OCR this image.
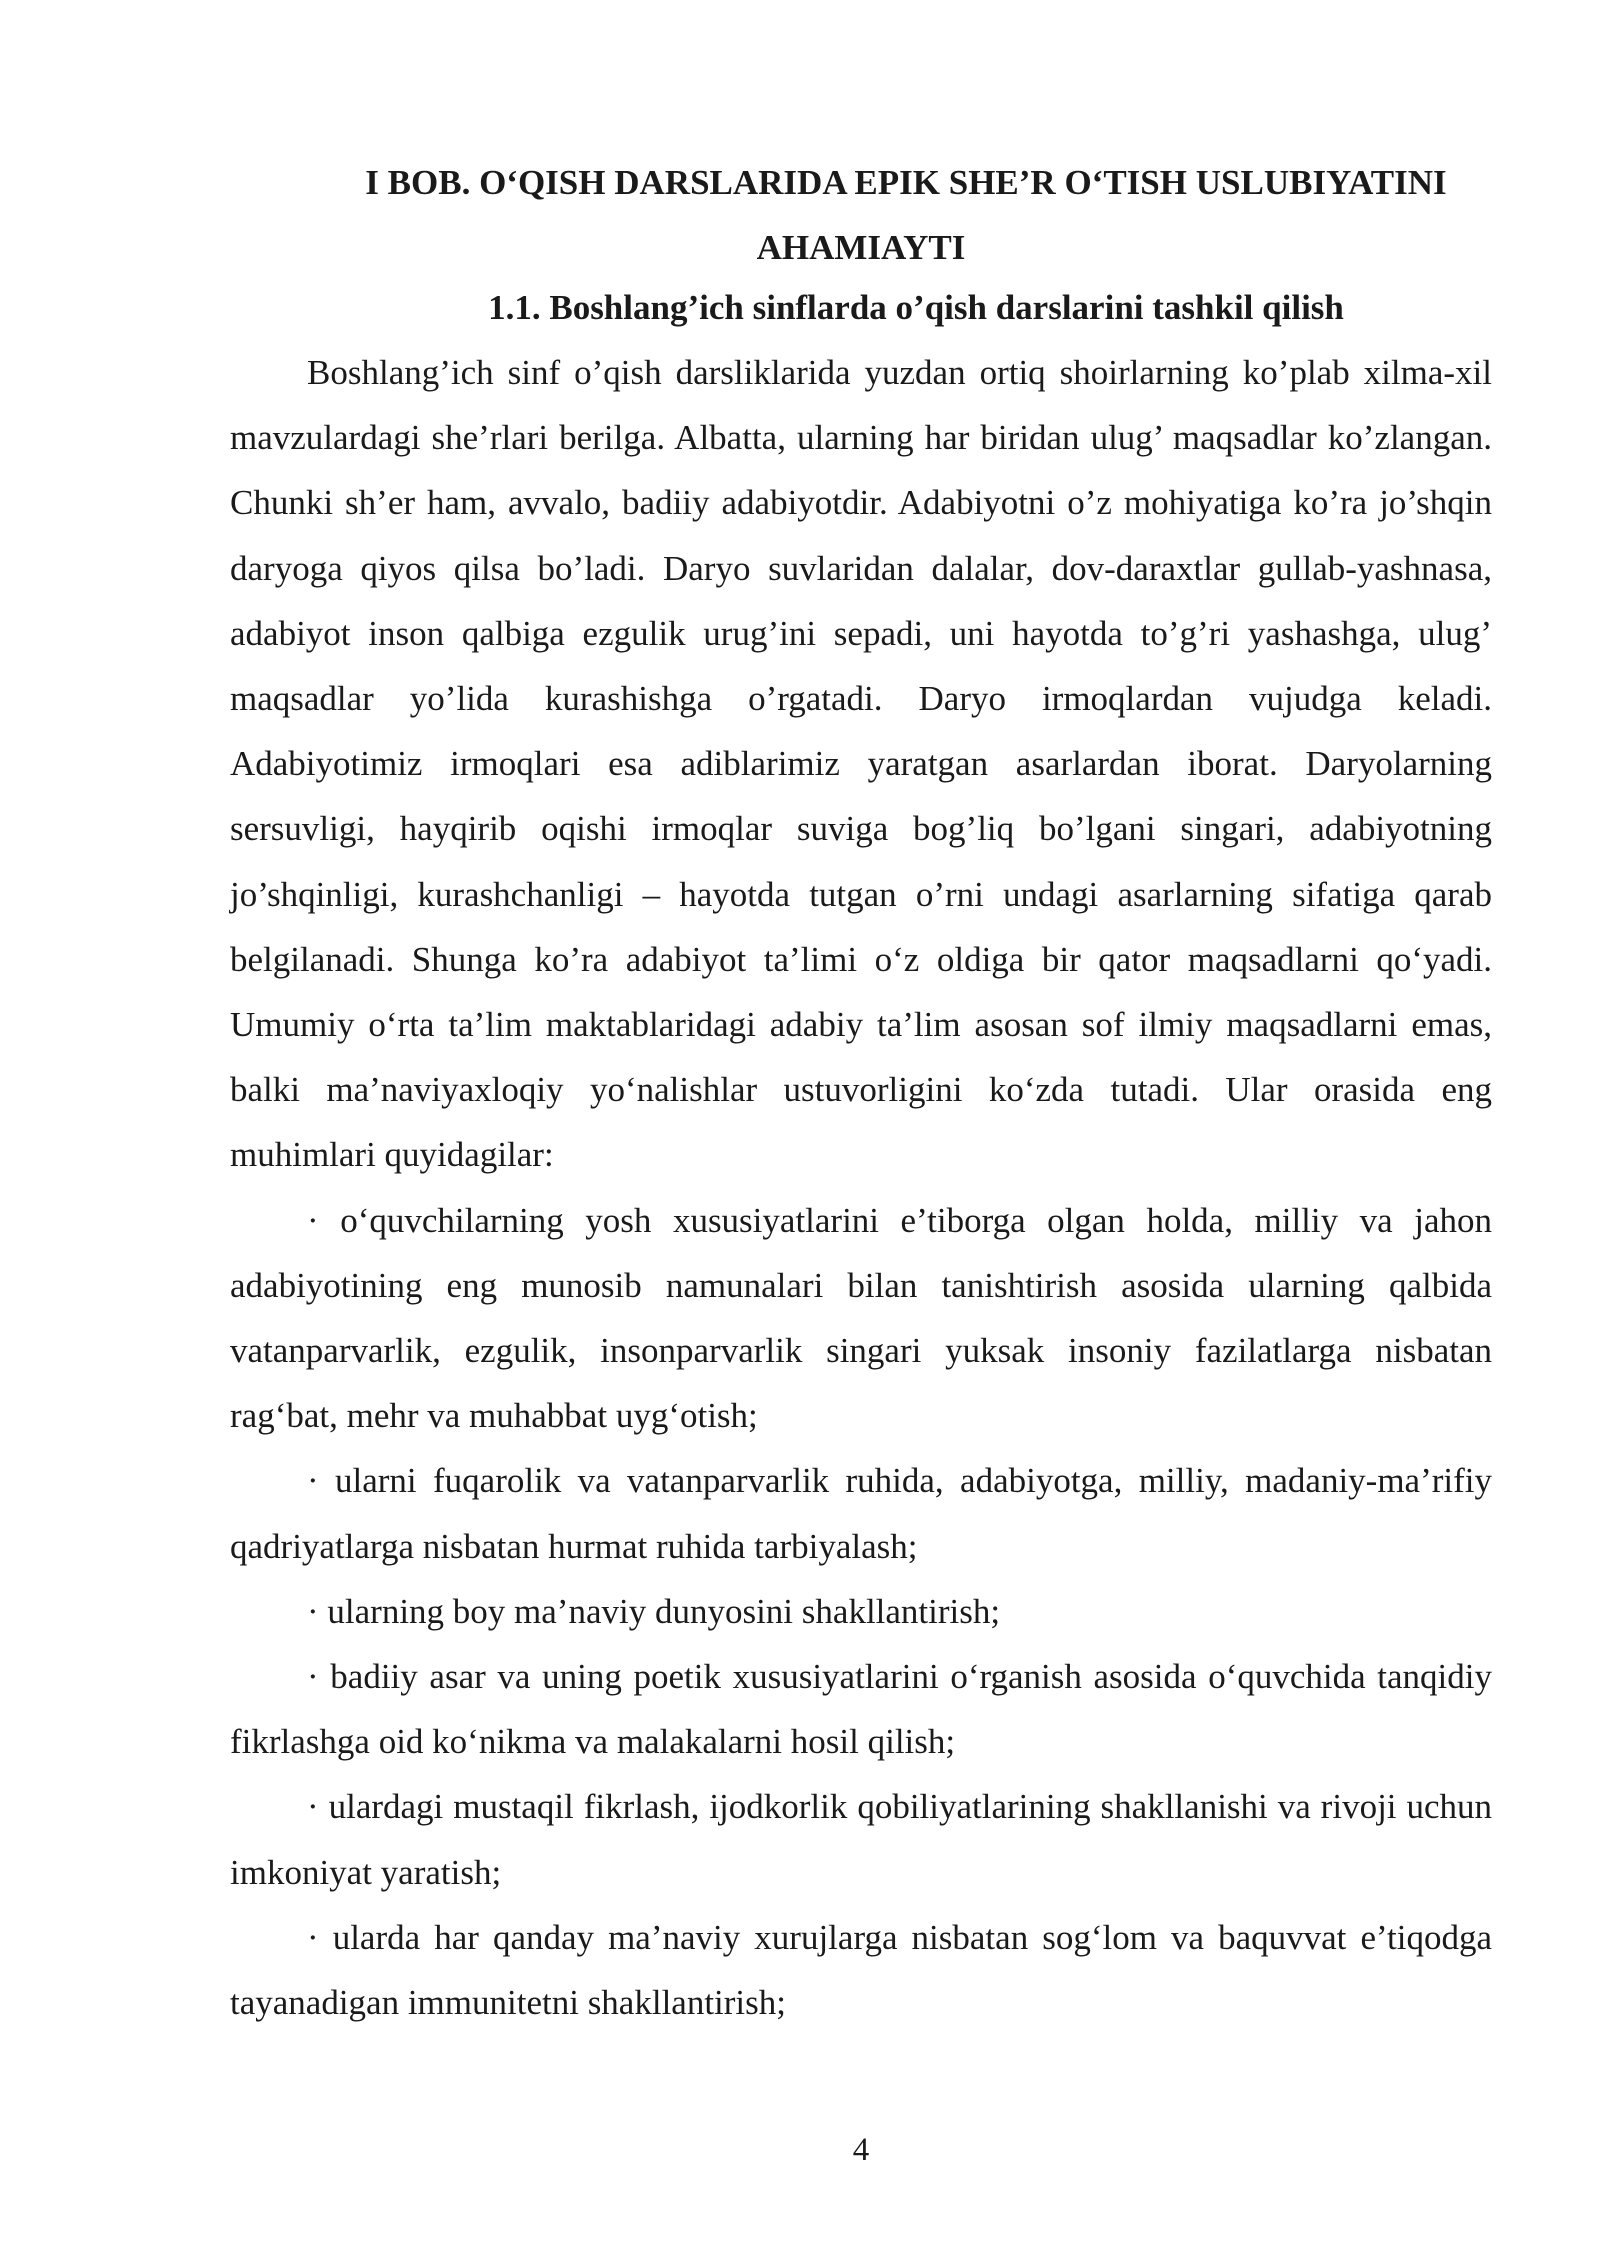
I BOB. O‘QISH DARSLARIDA EPIK SHE’R O‘TISH USLUBIYATINI
AHAMIAYTI
1.1. Boshlang’ich sinflarda o’qish darslarini tashkil qilish

Boshlang’ich sinf o’qish darsliklarida yuzdan ortiq shoirlarning ko’plab xilma-xil mavzulardagi she’rlari berilga. Albatta, ularning har biridan ulug’ maqsadlar ko’zlangan. Chunki sh’er ham, avvalo, badiiy adabiyotdir. Adabiyotni o’z mohiyatiga ko’ra jo’shqin daryoga qiyos qilsa bo’ladi. Daryo suvlaridan dalalar, dov-daraxtlar gullab-yashnasa, adabiyot inson qalbiga ezgulik urug’ini sepadi, uni hayotda to’g’ri yashashga, ulug’ maqsadlar yo’lida kurashishga o’rgatadi. Daryo irmoqlardan vujudga keladi. Adabiyotimiz irmoqlari esa adiblarimiz yaratgan asarlardan iborat. Daryolarning sersuvligi, hayqirib oqishi irmoqlar suviga bog’liq bo’lgani singari, adabiyotning jo’shqinligi, kurashchanligi – hayotda tutgan o’rni undagi asarlarning sifatiga qarab belgilanadi. Shunga ko’ra adabiyot ta’limi o‘z oldiga bir qator maqsadlarni qo‘yadi. Umumiy o‘rta ta’lim maktablaridagi adabiy ta’lim asosan sof ilmiy maqsadlarni emas, balki ma’naviyaxloqiy yo‘nalishlar ustuvorligini ko‘zda tutadi. Ular orasida eng muhimlari quyidagilar:

· o‘quvchilarning yosh xususiyatlarini e’tiborga olgan holda, milliy va jahon adabiyotining eng munosib namunalari bilan tanishtirish asosida ularning qalbida vatanparvarlik, ezgulik, insonparvarlik singari yuksak insoniy fazilatlarga nisbatan rag‘bat, mehr va muhabbat uyg‘otish;

· ularni fuqarolik va vatanparvarlik ruhida, adabiyotga, milliy, madaniy-ma’rifiy qadriyatlarga nisbatan hurmat ruhida tarbiyalash;

· ularning boy ma’naviy dunyosini shakllantirish;

· badiiy asar va uning poetik xususiyatlarini o‘rganish asosida o‘quvchida tanqidiy fikrlashga oid ko‘nikma va malakalarni hosil qilish;

· ulardagi mustaqil fikrlash, ijodkorlik qobiliyatlarining shakllanishi va rivoji uchun imkoniyat yaratish;

· ularda har qanday ma’naviy xurujlarga nisbatan sog‘lom va baquvvat e’tiqodga tayanadigan immunitetni shakllantirish;

4
